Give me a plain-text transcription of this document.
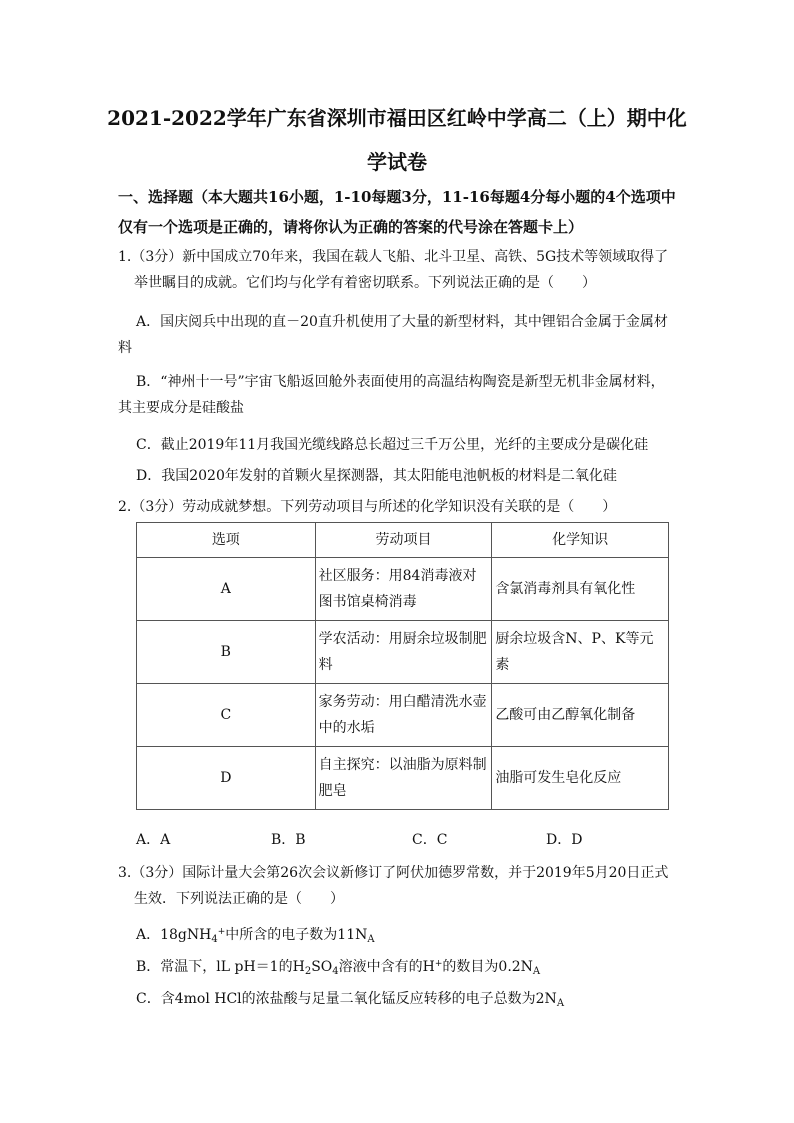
2021-2022学年广东省深圳市福田区红岭中学高二（上）期中化学试卷
一、选择题（本大题共16小题，1-10每题3分，11-16每题4分每小题的4个选项中仅有一个选项是正确的，请将你认为正确的答案的代号涂在答题卡上）
1.（3分）新中国成立70年来，我国在载人飞船、北斗卫星、高铁、5G技术等领域取得了举世瞩目的成就。它们均与化学有着密切联系。下列说法正确的是（　　）
A．国庆阅兵中出现的直－20直升机使用了大量的新型材料，其中锂铝合金属于金属材料
B．“神州十一号”宇宙飞船返回舱外表面使用的高温结构陶瓷是新型无机非金属材料，其主要成分是硅酸盐
C．截止2019年11月我国光缆线路总长超过三千万公里，光纤的主要成分是碳化硅
D．我国2020年发射的首颗火星探测器，其太阳能电池帆板的材料是二氧化硅
2.（3分）劳动成就梦想。下列劳动项目与所述的化学知识没有关联的是（　　）
选项	劳动项目	化学知识
A	社区服务：用84消毒液对图书馆桌椅消毒	含氯消毒剂具有氧化性
B	学农活动：用厨余垃圾制肥料	厨余垃圾含N、P、K等元素
C	家务劳动：用白醋清洗水壶中的水垢	乙酸可由乙醇氧化制备
D	自主探究：以油脂为原料制肥皂	油脂可发生皂化反应
A．A	B．B	C．C	D．D
3.（3分）国际计量大会第26次会议新修订了阿伏加德罗常数，并于2019年5月20日正式生效．下列说法正确的是（　　）
A．18gNH$_4$+中所含的电子数为$11N_A$
B．常温下，lL pH＝1的$H_2SO_4$溶液中含有的H+的数目为$0.2N_A$
C．含4mol HCl的浓盐酸与足量二氧化锰反应转移的电子总数为$2N_A$
